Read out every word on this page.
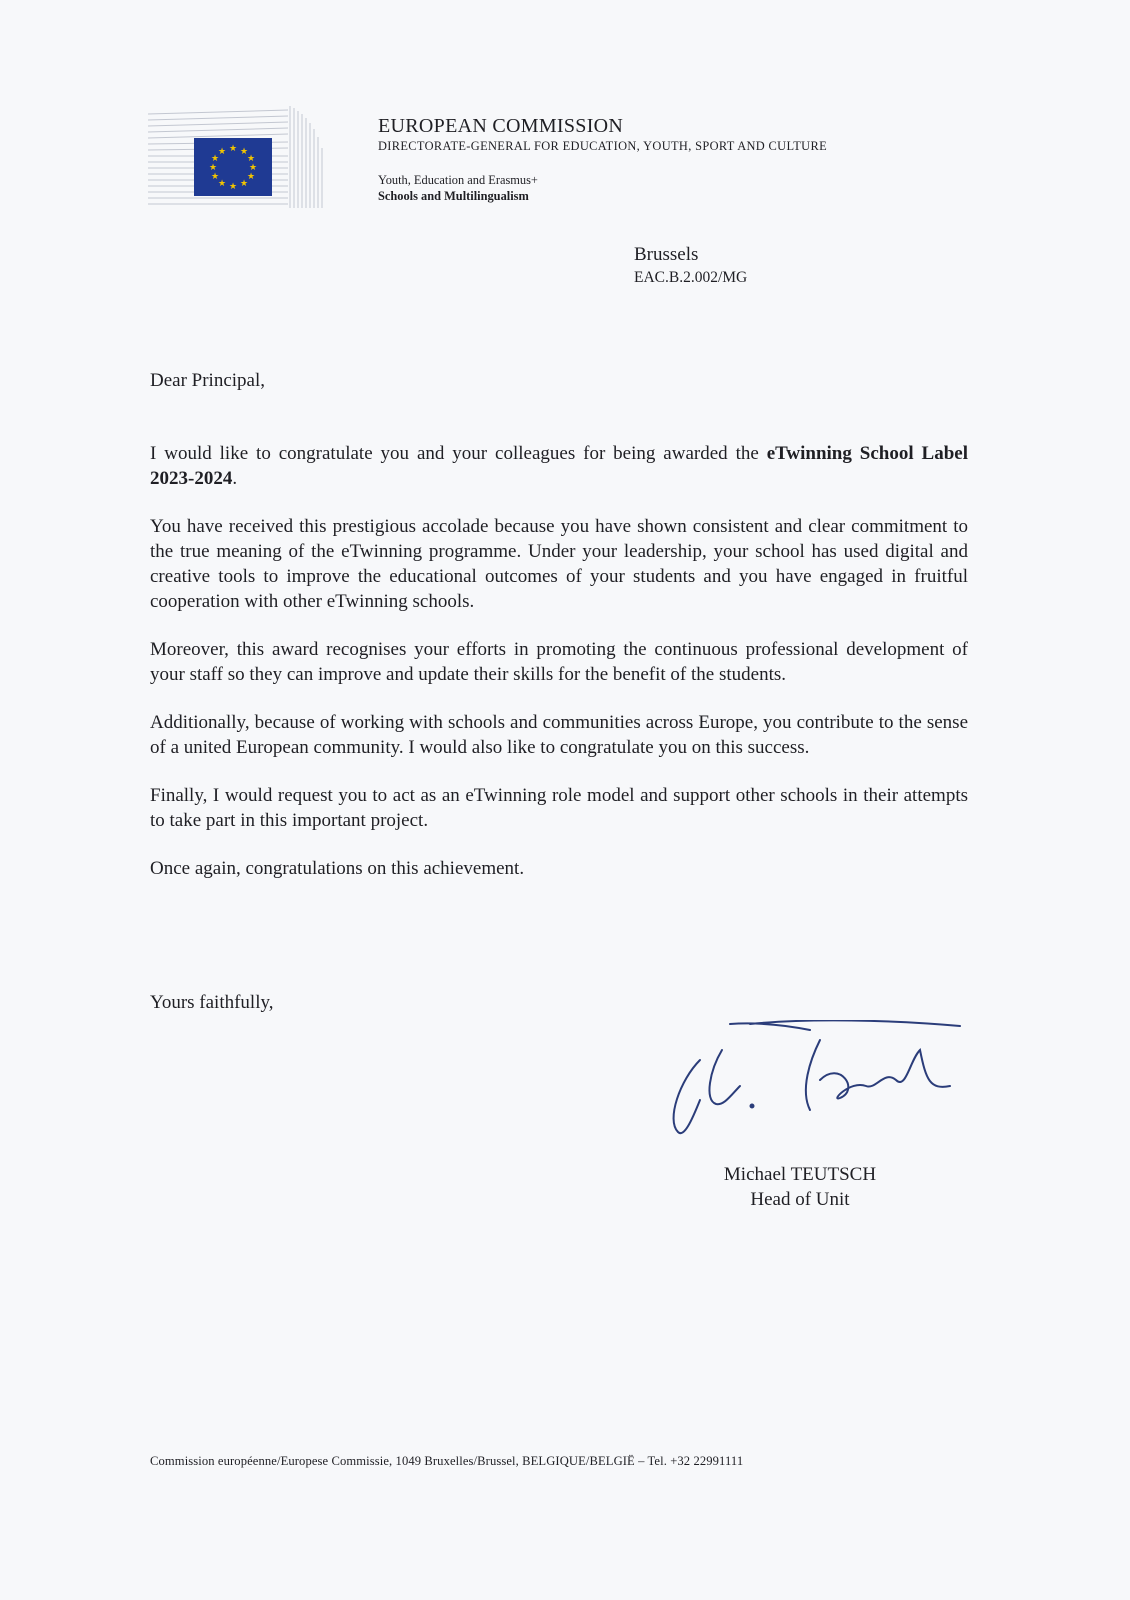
★ ★
★
★
★
★
★
★
★
★
★
★
EUROPEAN COMMISSION
DIRECTORATE-GENERAL FOR EDUCATION, YOUTH, SPORT AND CULTURE
Youth, Education and Erasmus+
Schools and Multilingualism
Brussels
EAC.B.2.002/MG
Dear Principal,

I would like to congratulate you and your colleagues for being awarded the eTwinning School Label 2023-2024.

You have received this prestigious accolade because you have shown consistent and clear commitment to the true meaning of the eTwinning programme. Under your leadership, your school has used digital and creative tools to improve the educational outcomes of your students and you have engaged in fruitful cooperation with other eTwinning schools.

Moreover, this award recognises your efforts in promoting the continuous professional development of your staff so they can improve and update their skills for the benefit of the students.

Additionally, because of working with schools and communities across Europe, you contribute to the sense of a united European community. I would also like to congratulate you on this success.

Finally, I would request you to act as an eTwinning role model and support other schools in their attempts to take part in this important project.

Once again, congratulations on this achievement.

Yours faithfully,
Michael TEUTSCH
Head of Unit
Commission européenne/Europese Commissie, 1049 Bruxelles/Brussel, BELGIQUE/BELGIË – Tel. +32 22991111
